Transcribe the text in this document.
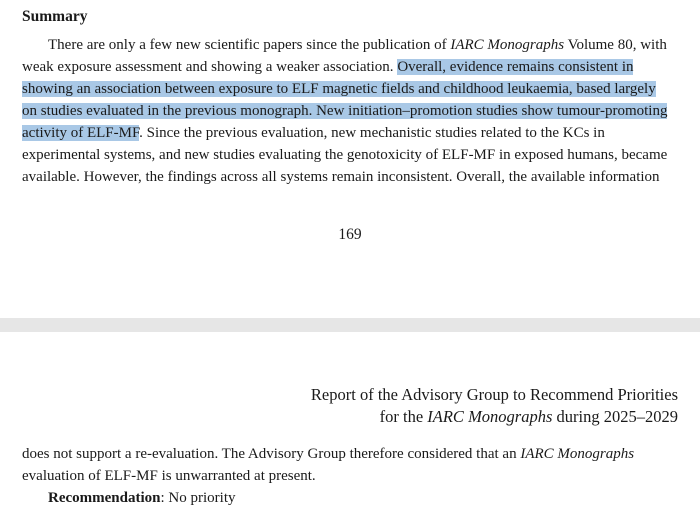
Summary
There are only a few new scientific papers since the publication of IARC Monographs Volume 80, with
weak exposure assessment and showing a weaker association. Overall, evidence remains consistent in
showing an association between exposure to ELF magnetic fields and childhood leukaemia, based largely
on studies evaluated in the previous monograph. New initiation–promotion studies show tumour-promoting
activity of ELF-MF. Since the previous evaluation, new mechanistic studies related to the KCs in
experimental systems, and new studies evaluating the genotoxicity of ELF-MF in exposed humans, became
available. However, the findings across all systems remain inconsistent. Overall, the available information
169
Report of the Advisory Group to Recommend Priorities
for the IARC Monographs during 2025–2029
does not support a re-evaluation. The Advisory Group therefore considered that an IARC Monographs
evaluation of ELF-MF is unwarranted at present.
Recommendation: No priority
